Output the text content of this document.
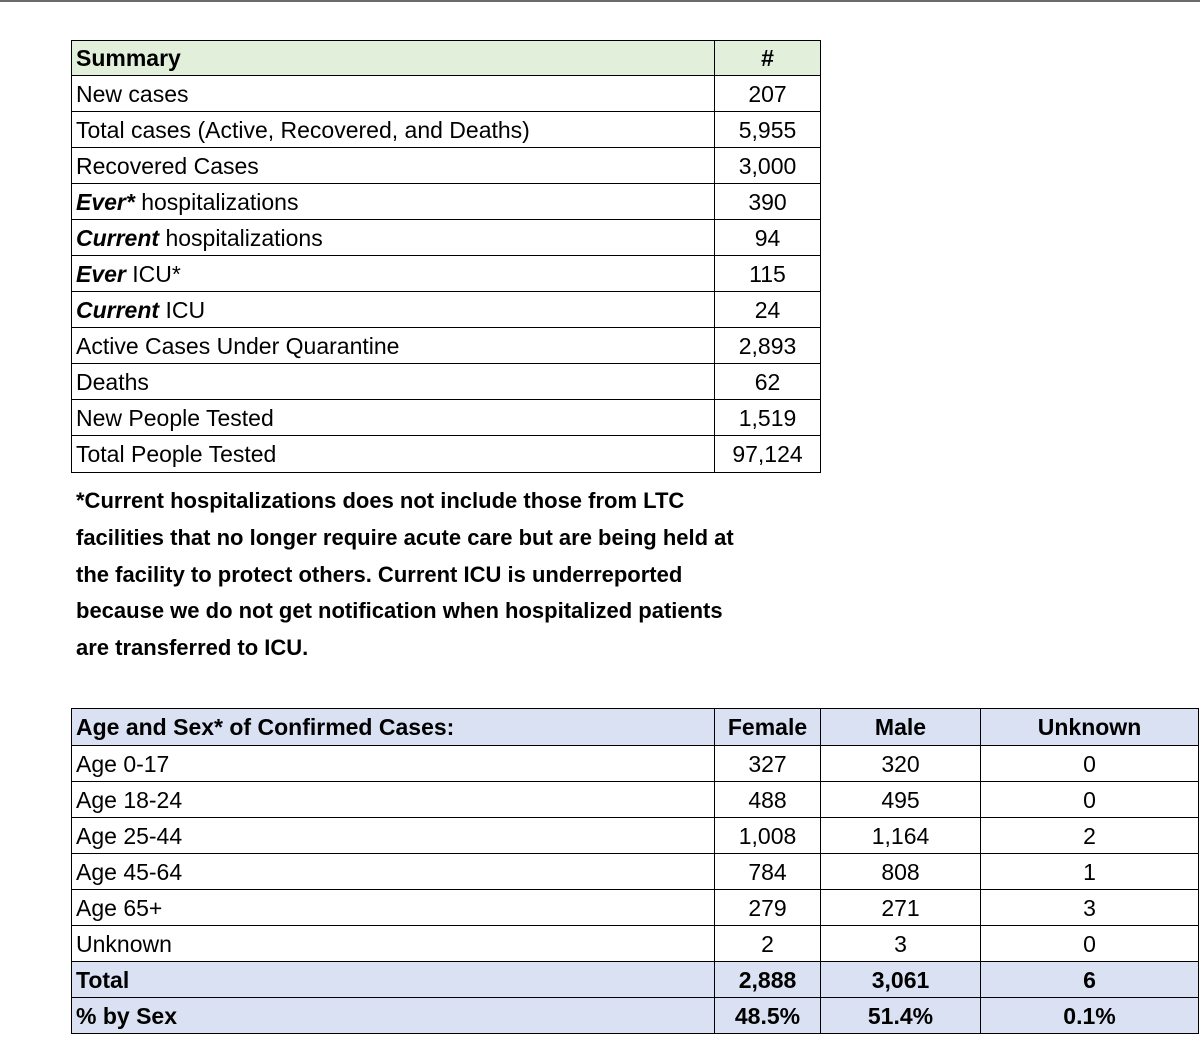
Summary	#
New cases	207
Total cases (Active, Recovered, and Deaths)	5,955
Recovered Cases	3,000
Ever* hospitalizations	390
Current hospitalizations	94
Ever ICU*	115
Current ICU	24
Active Cases Under Quarantine	2,893
Deaths	62
New People Tested	1,519
Total People Tested	97,124
*Current hospitalizations does not include those from LTC
facilities that no longer require acute care but are being held at
the facility to protect others. Current ICU is underreported
because we do not get notification when hospitalized patients
are transferred to ICU.
Age and Sex* of Confirmed Cases:	Female	Male	Unknown
Age 0-17	327	320	0
Age 18-24	488	495	0
Age 25-44	1,008	1,164	2
Age 45-64	784	808	1
Age 65+	279	271	3
Unknown	2	3	0
Total	2,888	3,061	6
% by Sex	48.5%	51.4%	0.1%
